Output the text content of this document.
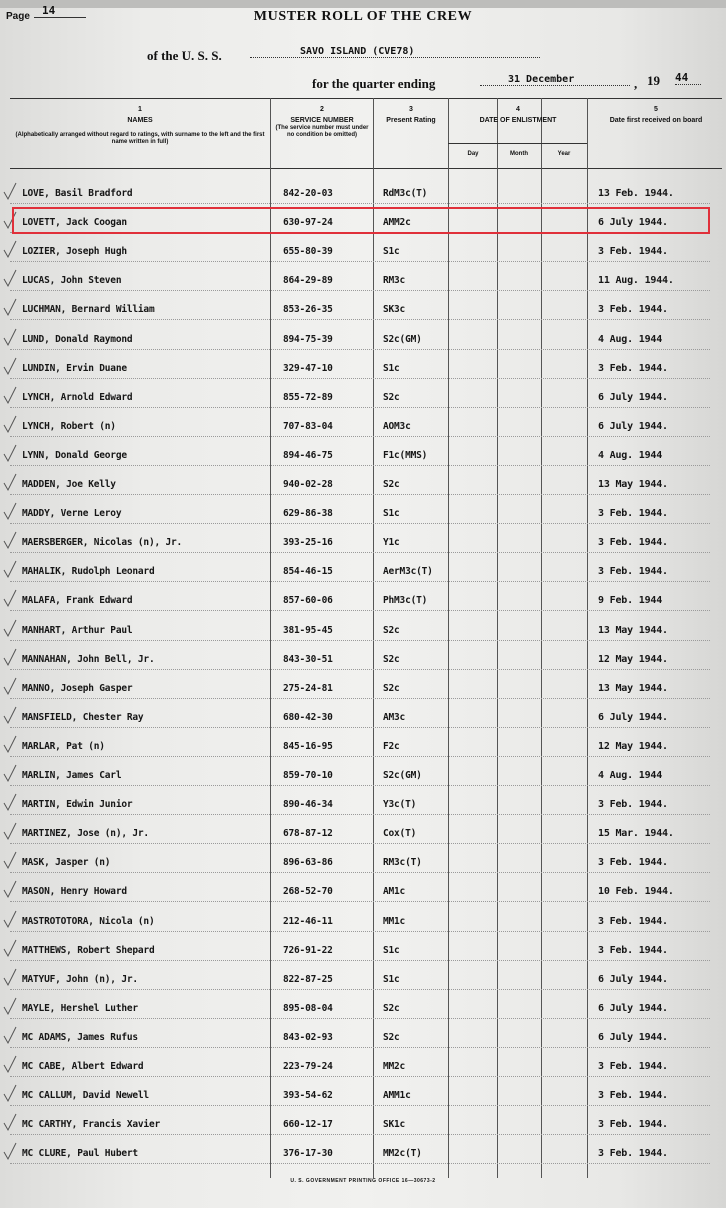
Page	14	MUSTER ROLL OF THE CREW
of the U. S. S.	SAVO ISLAND (CVE78)
for the quarter ending	31 December	, 19 44
1
NAMES

(Alphabetically arranged without regard to ratings, with surname to the left and the first name written in full)
2
SERVICE NUMBER
(The service number must under no condition be omitted)
3
Present Rating
4
DATE OF ENLISTMENT
Day	Month	Year
5
Date first received on board
LOVE, Basil Bradford	842-20-03	RdM3c(T)	13 Feb. 1944.
LOVETT, Jack Coogan	630-97-24	AMM2c	6 July 1944.
LOZIER, Joseph Hugh	655-80-39	S1c	3 Feb. 1944.
LUCAS, John Steven	864-29-89	RM3c	11 Aug. 1944.
LUCHMAN, Bernard William	853-26-35	SK3c	3 Feb. 1944.
LUND, Donald Raymond	894-75-39	S2c(GM)	4 Aug. 1944
LUNDIN, Ervin Duane	329-47-10	S1c	3 Feb. 1944.
LYNCH, Arnold Edward	855-72-89	S2c	6 July 1944.
LYNCH, Robert (n)	707-83-04	AOM3c	6 July 1944.
LYNN, Donald George	894-46-75	F1c(MMS)	4 Aug. 1944
MADDEN, Joe Kelly	940-02-28	S2c	13 May 1944.
MADDY, Verne Leroy	629-86-38	S1c	3 Feb. 1944.
MAERSBERGER, Nicolas (n), Jr.	393-25-16	Y1c	3 Feb. 1944.
MAHALIK, Rudolph Leonard	854-46-15	AerM3c(T)	3 Feb. 1944.
MALAFA, Frank Edward	857-60-06	PhM3c(T)	9 Feb. 1944
MANHART, Arthur Paul	381-95-45	S2c	13 May 1944.
MANNAHAN, John Bell, Jr.	843-30-51	S2c	12 May 1944.
MANNO, Joseph Gasper	275-24-81	S2c	13 May 1944.
MANSFIELD, Chester Ray	680-42-30	AM3c	6 July 1944.
MARLAR, Pat (n)	845-16-95	F2c	12 May 1944.
MARLIN, James Carl	859-70-10	S2c(GM)	4 Aug. 1944
MARTIN, Edwin Junior	890-46-34	Y3c(T)	3 Feb. 1944.
MARTINEZ, Jose (n), Jr.	678-87-12	Cox(T)	15 Mar. 1944.
MASK, Jasper (n)	896-63-86	RM3c(T)	3 Feb. 1944.
MASON, Henry Howard	268-52-70	AM1c	10 Feb. 1944.
MASTROTOTORA, Nicola (n)	212-46-11	MM1c	3 Feb. 1944.
MATTHEWS, Robert Shepard	726-91-22	S1c	3 Feb. 1944.
MATYUF, John (n), Jr.	822-87-25	S1c	6 July 1944.
MAYLE, Hershel Luther	895-08-04	S2c	6 July 1944.
MC ADAMS, James Rufus	843-02-93	S2c	6 July 1944.
MC CABE, Albert Edward	223-79-24	MM2c	3 Feb. 1944.
MC CALLUM, David Newell	393-54-62	AMM1c	3 Feb. 1944.
MC CARTHY, Francis Xavier	660-12-17	SK1c	3 Feb. 1944.
MC CLURE, Paul Hubert	376-17-30	MM2c(T)	3 Feb. 1944.
U. S. GOVERNMENT PRINTING OFFICE 16—30673-2
